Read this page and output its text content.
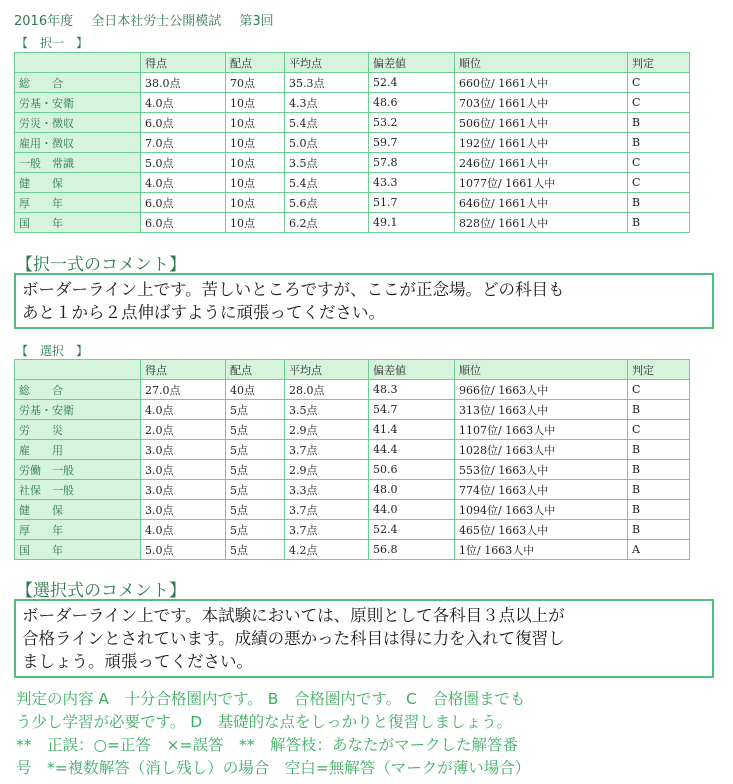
2016年度 全日本社労士公開模試 第3回
【　択一　】
	得点	配点	平均点	偏差値	順位	判定
総　　合	38.0点	70点	35.3点	52.4	660位/ 1661人中	C
労基・安衛	4.0点	10点	4.3点	48.6	703位/ 1661人中	C
労災・徴収	6.0点	10点	5.4点	53.2	506位/ 1661人中	B
雇用・徴収	7.0点	10点	5.0点	59.7	192位/ 1661人中	B
一般　常識	5.0点	10点	3.5点	57.8	246位/ 1661人中	C
健　　保	4.0点	10点	5.4点	43.3	1077位/ 1661人中	C
厚　　年	6.0点	10点	5.6点	51.7	646位/ 1661人中	B
国　　年	6.0点	10点	6.2点	49.1	828位/ 1661人中	B
【択一式のコメント】
ボーダーライン上です。苦しいところですが、ここが正念場。どの科目も
あと１から２点伸ばすように頑張ってください。
【　選択　】
	得点	配点	平均点	偏差値	順位	判定
総　　合	27.0点	40点	28.0点	48.3	966位/ 1663人中	C
労基・安衛	4.0点	5点	3.5点	54.7	313位/ 1663人中	B
労　　災	2.0点	5点	2.9点	41.4	1107位/ 1663人中	C
雇　　用	3.0点	5点	3.7点	44.4	1028位/ 1663人中	B
労働　一般	3.0点	5点	2.9点	50.6	553位/ 1663人中	B
社保　一般	3.0点	5点	3.3点	48.0	774位/ 1663人中	B
健　　保	3.0点	5点	3.7点	44.0	1094位/ 1663人中	B
厚　　年	4.0点	5点	3.7点	52.4	465位/ 1663人中	B
国　　年	5.0点	5点	4.2点	56.8	1位/ 1663人中	A
【選択式のコメント】
ボーダーライン上です。本試験においては、原則として各科目３点以上が
合格ラインとされています。成績の悪かった科目は得に力を入れて復習し
ましょう。頑張ってください。

判定の内容 A　十分合格圏内です。 B　合格圏内です。 C　合格圏までも

う少し学習が必要です。 D　基礎的な点をしっかりと復習しましょう。

**　正誤：○=正答　×=誤答　**　解答枝：あなたがマークした解答番

号　*=複数解答（消し残し）の場合　空白=無解答（マークが薄い場合）
